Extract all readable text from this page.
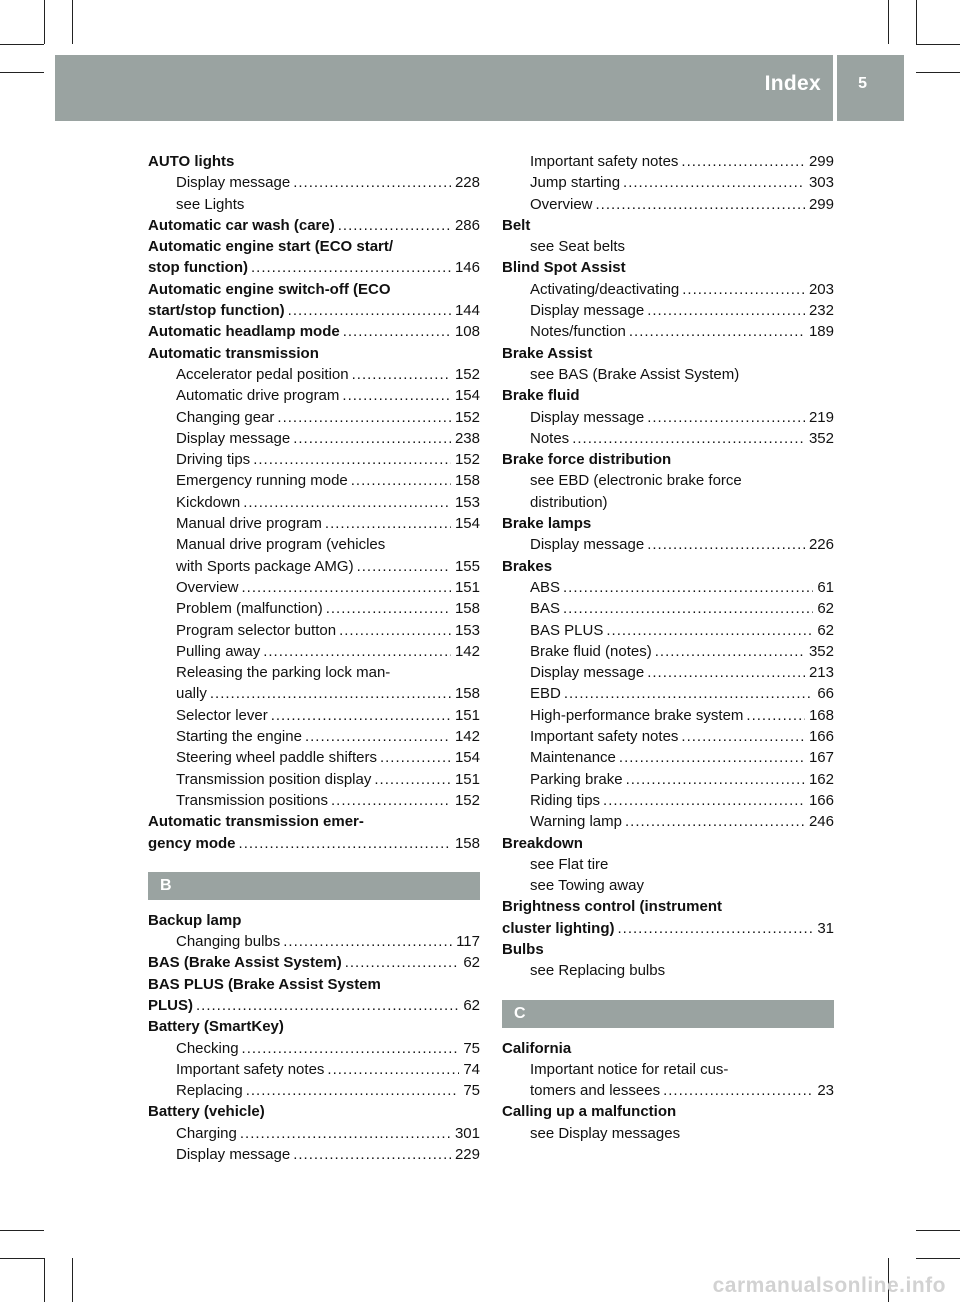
Index 5
AUTO lights
Display message .....	228
see Lights
Automatic car wash (care) .....	286
Automatic engine start (ECO start/
stop function) .....	146
Automatic engine switch-off (ECO
start/stop function) .....	144
Automatic headlamp mode .....	108
Automatic transmission
Accelerator pedal position .....	152
Automatic drive program .....	154
Changing gear .....	152
Display message .....	238
Driving tips .....	152
Emergency running mode .....	158
Kickdown .....	153
Manual drive program .....	154
Manual drive program (vehicles
with Sports package AMG) .....	155
Overview .....	151
Problem (malfunction) .....	158
Program selector button .....	153
Pulling away .....	142
Releasing the parking lock man-
ually .....	158
Selector lever .....	151
Starting the engine .....	142
Steering wheel paddle shifters .....	154
Transmission position display .....	151
Transmission positions .....	152
Automatic transmission emer-
gency mode .....	158
B
Backup lamp
Changing bulbs .....	117
BAS (Brake Assist System) .....	62
BAS PLUS (Brake Assist System
PLUS) .....	62
Battery (SmartKey)
Checking .....	75
Important safety notes .....	74
Replacing .....	75
Battery (vehicle)
Charging .....	301
Display message .....	229
Important safety notes .....	299
Jump starting .....	303
Overview .....	299
Belt
see Seat belts
Blind Spot Assist
Activating/deactivating .....	203
Display message .....	232
Notes/function .....	189
Brake Assist
see BAS (Brake Assist System)
Brake fluid
Display message .....	219
Notes .....	352
Brake force distribution
see EBD (electronic brake force
distribution)
Brake lamps
Display message .....	226
Brakes
ABS .....	61
BAS .....	62
BAS PLUS .....	62
Brake fluid (notes) .....	352
Display message .....	213
EBD .....	66
High-performance brake system .....	168
Important safety notes .....	166
Maintenance .....	167
Parking brake .....	162
Riding tips .....	166
Warning lamp .....	246
Breakdown
see Flat tire
see Towing away
Brightness control (instrument
cluster lighting) .....	31
Bulbs
see Replacing bulbs
C
California
Important notice for retail cus-
tomers and lessees .....	23
Calling up a malfunction
see Display messages
carmanualsonline.info
